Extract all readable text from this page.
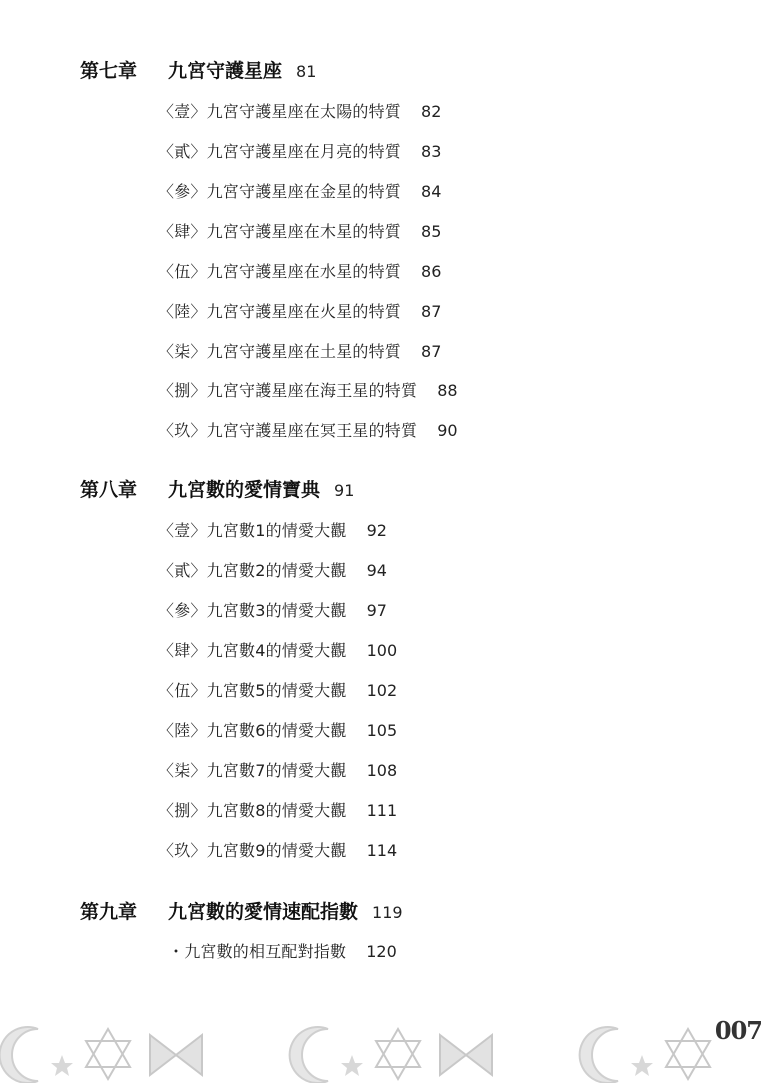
第七章	九宮守護星座 81
〈壹〉九宮守護星座在太陽的特質 82
〈貳〉九宮守護星座在月亮的特質 83
〈參〉九宮守護星座在金星的特質 84
〈肆〉九宮守護星座在木星的特質 85
〈伍〉九宮守護星座在水星的特質 86
〈陸〉九宮守護星座在火星的特質 87
〈柒〉九宮守護星座在土星的特質 87
〈捌〉九宮守護星座在海王星的特質 88
〈玖〉九宮守護星座在冥王星的特質 90
第八章	九宮數的愛情寶典 91
〈壹〉九宮數1的情愛大觀 92
〈貳〉九宮數2的情愛大觀 94
〈參〉九宮數3的情愛大觀 97
〈肆〉九宮數4的情愛大觀 100
〈伍〉九宮數5的情愛大觀 102
〈陸〉九宮數6的情愛大觀 105
〈柒〉九宮數7的情愛大觀 108
〈捌〉九宮數8的情愛大觀 111
〈玖〉九宮數9的情愛大觀 114
第九章	九宮數的愛情速配指數 119
・九宮數的相互配對指數 120
007
